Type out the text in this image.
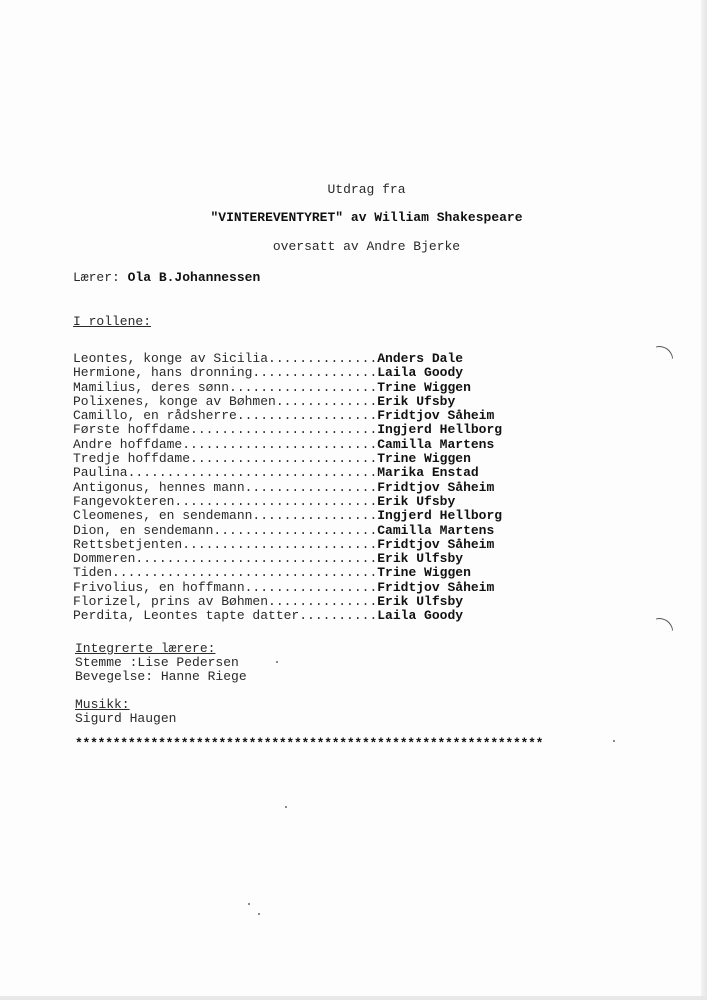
Utdrag fra
"VINTEREVENTYRET" av William Shakespeare
oversatt av Andre Bjerke
Lærer: Ola B.Johannessen
I rollene:
Leontes, konge av Sicilia..............Anders Dale
Hermione, hans dronning................Laila Goody
Mamilius, deres sønn...................Trine Wiggen
Polixenes, konge av Bøhmen.............Erik Ufsby
Camillo, en rådsherre..................Fridtjov Såheim
Første hoffdame........................Ingjerd Hellborg
Andre hoffdame.........................Camilla Martens
Tredje hoffdame........................Trine Wiggen
Paulina................................Marika Enstad
Antigonus, hennes mann.................Fridtjov Såheim
Fangevokteren..........................Erik Ufsby
Cleomenes, en sendemann................Ingjerd Hellborg
Dion, en sendemann.....................Camilla Martens
Rettsbetjenten.........................Fridtjov Såheim
Dommeren...............................Erik Ulfsby
Tiden..................................Trine Wiggen
Frivolius, en hoffmann.................Fridtjov Såheim
Florizel, prins av Bøhmen..............Erik Ulfsby
Perdita, Leontes tapte datter..........Laila Goody
Integrerte lærere:
Stemme :Lise Pedersen
Bevegelse: Hanne Riege
Musikk:
Sigurd Haugen
**************************************************************
